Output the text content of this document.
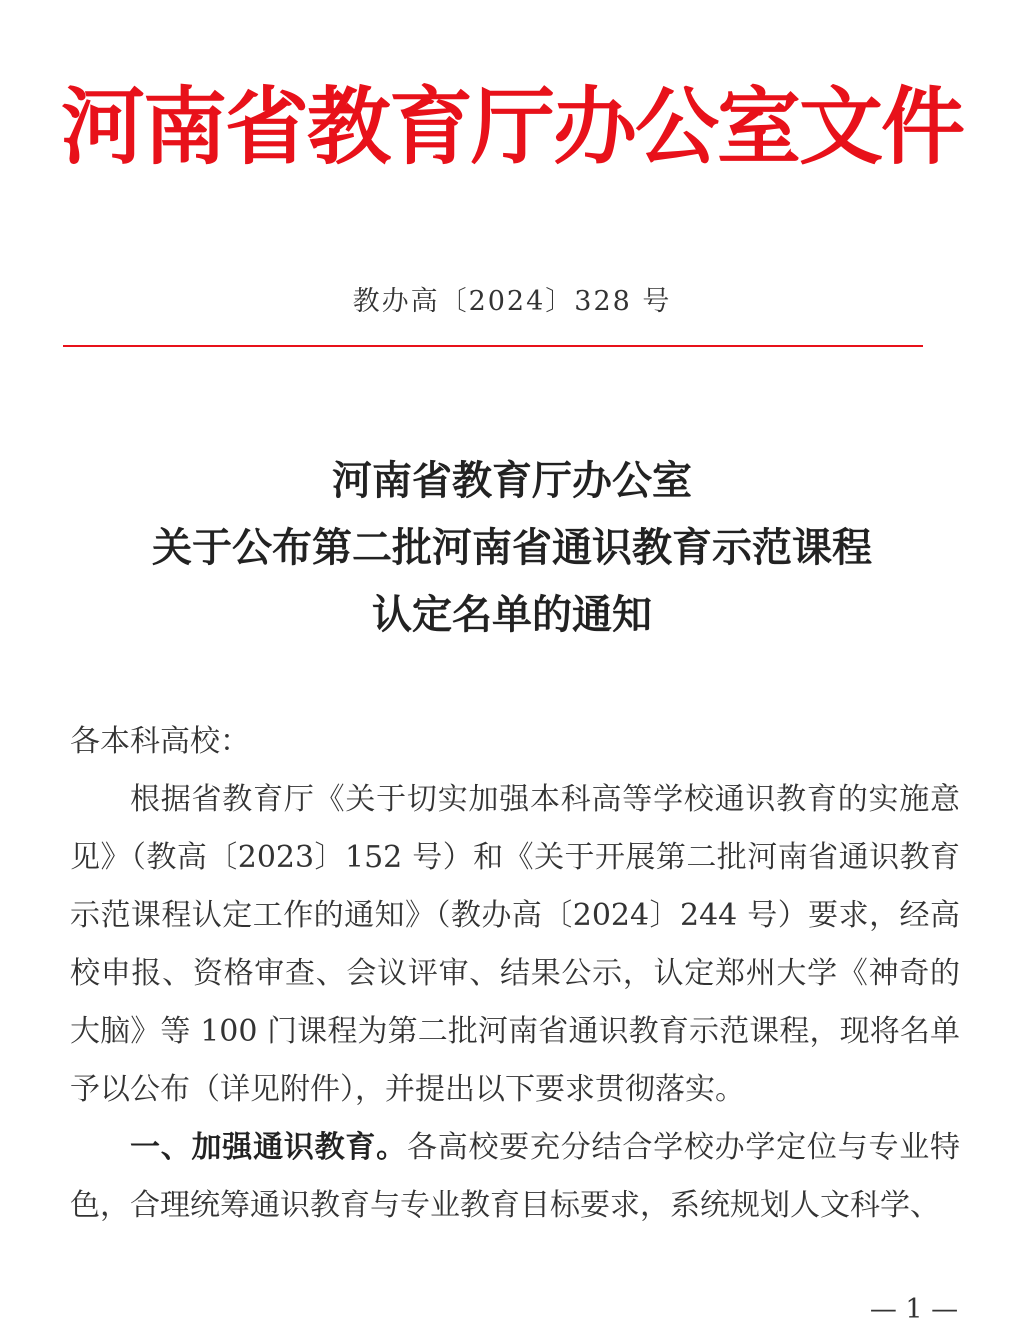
河南省教育厅办公室文件
教办高〔2024〕328 号
河南省教育厅办公室
关于公布第二批河南省通识教育示范课程
认定名单的通知
各本科高校：
根据省教育厅《关于切实加强本科高等学校通识教育的实施意见》（教高〔2023〕152 号）和《关于开展第二批河南省通识教育示范课程认定工作的通知》（教办高〔2024〕244 号）要求，经高校申报、资格审查、会议评审、结果公示，认定郑州大学《神奇的大脑》等 100 门课程为第二批河南省通识教育示范课程，现将名单予以公布（详见附件），并提出以下要求贯彻落实。
一、加强通识教育。各高校要充分结合学校办学定位与专业特色，合理统筹通识教育与专业教育目标要求，系统规划人文科学、
— 1 —
